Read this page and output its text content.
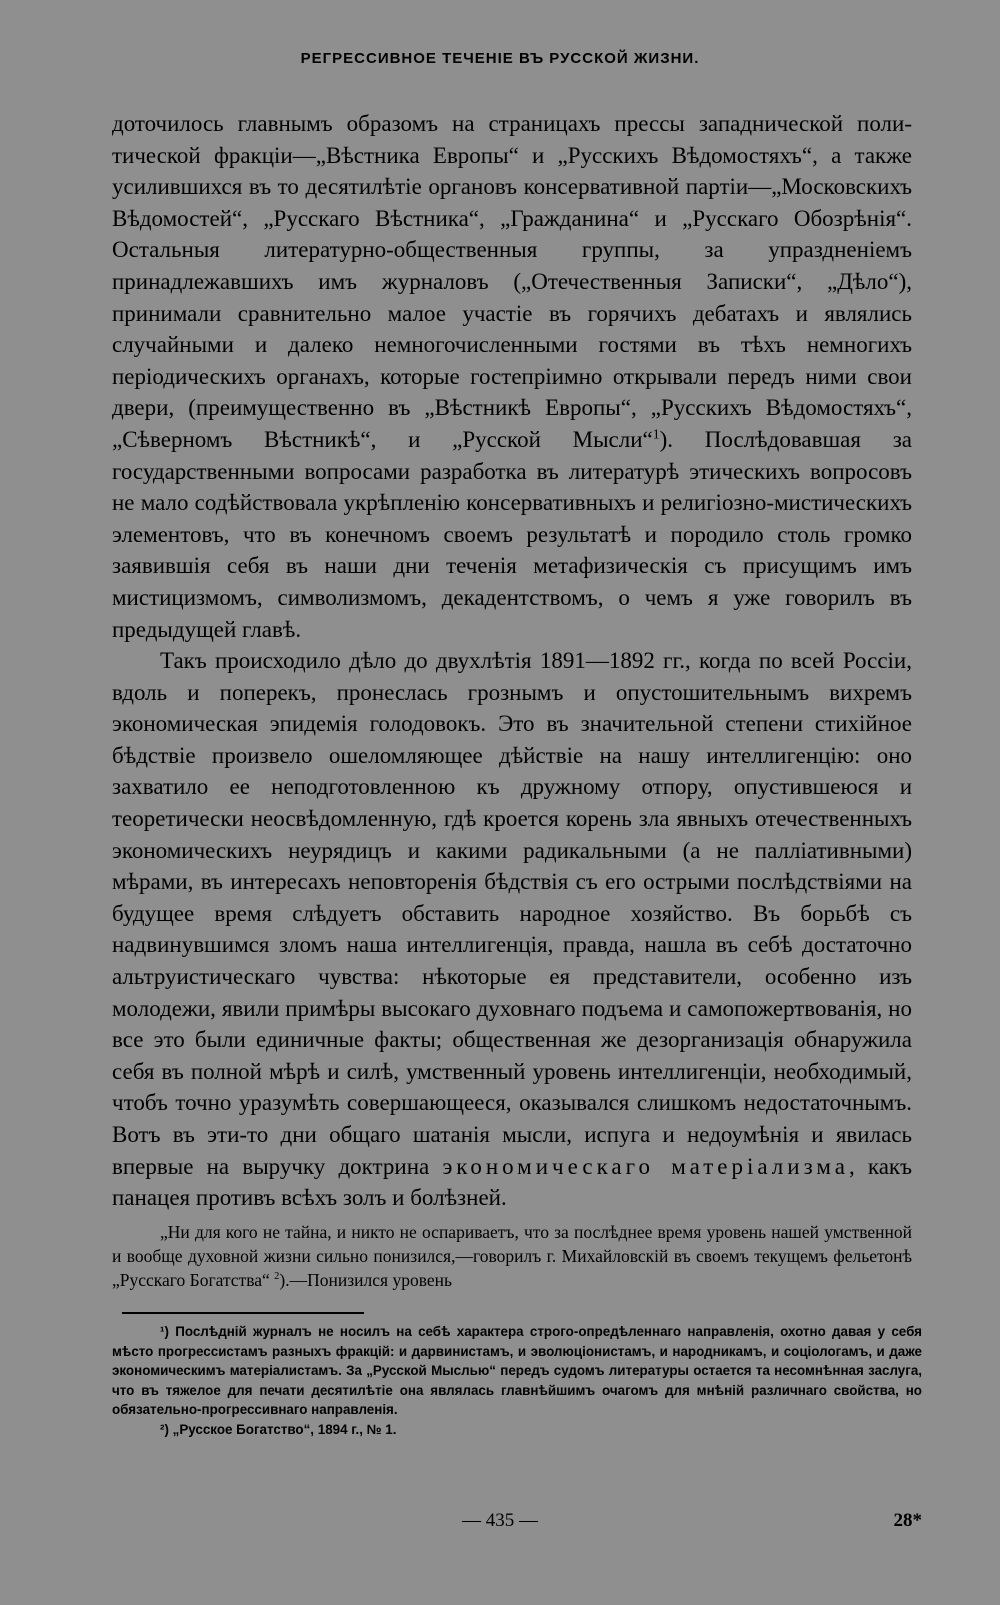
РЕГРЕССИВНОЕ ТЕЧЕНІЕ ВЪ РУССКОЙ ЖИЗНИ.

доточилось главнымъ образомъ на страницахъ прессы западнической политической фракціи—„Вѣстника Европы“ и „Русскихъ Вѣдомостяхъ“, а также усилившихся въ то десятилѣтіе органовъ консервативной партіи—„Московскихъ Вѣдомостей“, „Русскаго Вѣстника“, „Гражданина“ и „Русскаго Обозрѣнія“. Остальныя литературно-общественныя группы, за упраздненіемъ принадлежавшихъ имъ журналовъ („Отечественныя Записки“, „Дѣло“), принимали сравнительно малое участіе въ горячихъ дебатахъ и являлись случайными и далеко немногочисленными гостями въ тѣхъ немногихъ періодическихъ органахъ, которые гостепріимно открывали передъ ними свои двери, (преимущественно въ „Вѣстникѣ Европы“, „Русскихъ Вѣдомостяхъ“, „Сѣверномъ Вѣстникѣ“, и „Русской Мысли“$^1$). Послѣдовавшая за государственными вопросами разработка въ литературѣ этическихъ вопросовъ не мало содѣйствовала укрѣпленію консервативныхъ и религіозно-мистическихъ элементовъ, что въ конечномъ своемъ результатѣ и породило столь громко заявившія себя въ наши дни теченія метафизическія съ присущимъ имъ мистицизмомъ, символизмомъ, декадентствомъ, о чемъ я уже говорилъ въ предыдущей главѣ.

Такъ происходило дѣло до двухлѣтія 1891—1892 гг., когда по всей Россіи, вдоль и поперекъ, пронеслась грознымъ и опустошительнымъ вихремъ экономическая эпидемія голодовокъ. Это въ значительной степени стихійное бѣдствіе произвело ошеломляющее дѣйствіе на нашу интеллигенцію: оно захватило ее неподготовленною къ дружному отпору, опустившеюся и теоретически неосвѣдомленную, гдѣ кроется корень зла явныхъ отечественныхъ экономическихъ неурядицъ и какими радикальными (а не палліативными) мѣрами, въ интересахъ неповторенія бѣдствія съ его острыми послѣдствіями на будущее время слѣдуетъ обставить народное хозяйство. Въ борьбѣ съ надвинувшимся зломъ наша интеллигенція, правда, нашла въ себѣ достаточно альтруистическаго чувства: нѣкоторые ея представители, особенно изъ молодежи, явили примѣры высокаго духовнаго подъема и самопожертвованія, но все это были единичные факты; общественная же дезорганизація обнаружила себя въ полной мѣрѣ и силѣ, умственный уровень интеллигенціи, необходимый, чтобъ точно уразумѣть совершающееся, оказывался слишкомъ недостаточнымъ. Вотъ въ эти-то дни общаго шатанія мысли, испуга и недоумѣнія и явилась впервые на выручку доктрина экономическаго матеріализма, какъ панацея противъ всѣхъ золъ и болѣзней.

„Ни для кого не тайна, и никто не оспариваетъ, что за послѣднее время уровень нашей умственной и вообще духовной жизни сильно понизился,—говорилъ г. Михайловскій въ своемъ текущемъ фельетонѣ „Русскаго Богатства“ $^2$).—Понизился уровень

¹) Послѣдній журналъ не носилъ на себѣ характера строго-опредѣленнаго направленія, охотно давая у себя мѣсто прогрессистамъ разныхъ фракцій: и дарвинистамъ, и эволюціонистамъ, и народникамъ, и соціологамъ, и даже экономическимъ матеріалистамъ. За „Русской Мыслью“ передъ судомъ литературы остается та несомнѣнная заслуга, что въ тяжелое для печати десятилѣтіе она являлась главнѣйшимъ очагомъ для мнѣній различнаго свойства, но обязательно-прогрессивнаго направленія.

²) „Русское Богатство“, 1894 г., № 1.

— 435 —	28*
